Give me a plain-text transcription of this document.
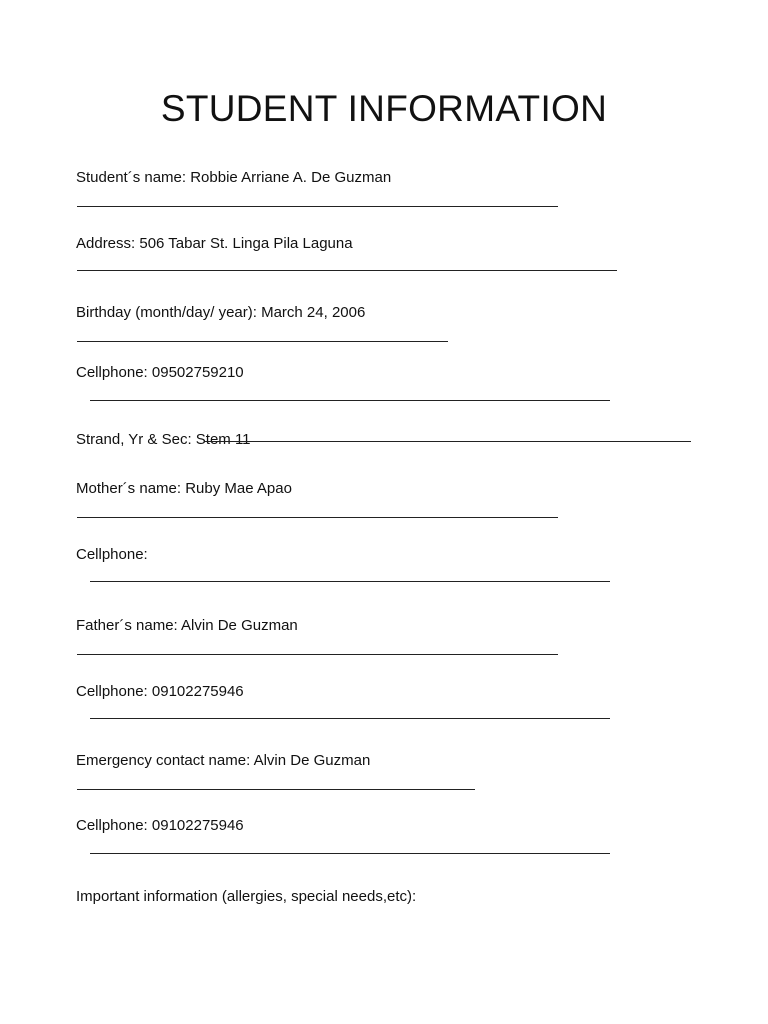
STUDENT INFORMATION
Student´s name: Robbie Arriane A. De Guzman
Address: 506 Tabar St. Linga Pila Laguna
Birthday (month/day/ year): March 24, 2006
Cellphone: 09502759210
Strand, Yr & Sec: Stem 11
Mother´s name: Ruby Mae Apao
Cellphone:
Father´s name: Alvin De Guzman
Cellphone: 09102275946
Emergency contact name: Alvin De Guzman
Cellphone: 09102275946
Important information (allergies, special needs,etc):
